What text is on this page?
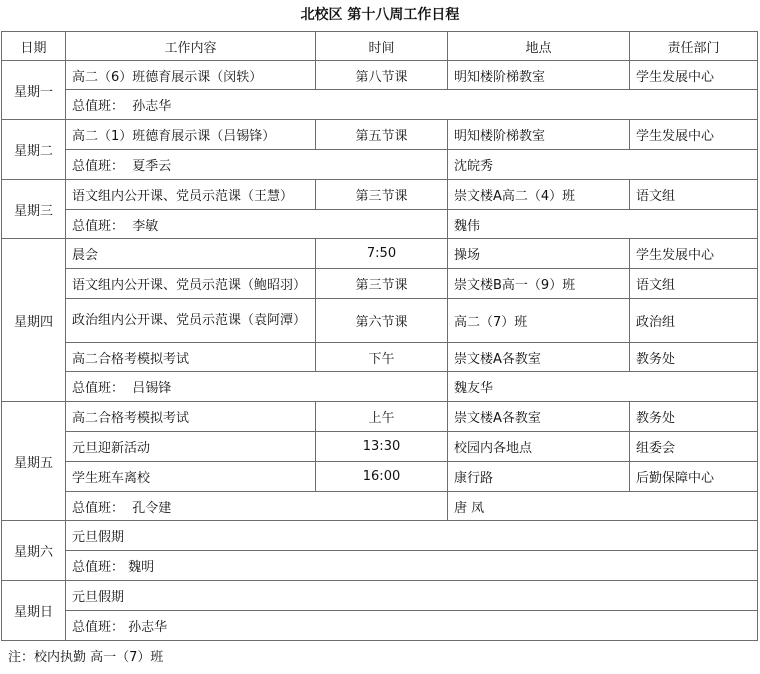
北校区 第十八周工作日程
日期	工作内容	时间	地点	责任部门
星期一	高二（6）班德育展示课（闵轶）	第八节课	明知楼阶梯教室	学生发展中心
	总值班： 孙志华			
星期二	高二（1）班德育展示课（吕锡锋）	第五节课	明知楼阶梯教室	学生发展中心
	总值班： 夏季云		沈皖秀	
星期三	语文组内公开课、党员示范课（王慧）	第三节课	崇文楼A高二（4）班	语文组
	总值班： 李敏		魏伟	
星期四	晨会	7:50	操场	学生发展中心
	语文组内公开课、党员示范课（鲍昭羽）	第三节课	崇文楼B高一（9）班	语文组
	政治组内公开课、党员示范课（袁阿潭）	第六节课	高二（7）班	政治组
	高二合格考模拟考试	下午	崇文楼A各教室	教务处
	总值班： 吕锡锋		魏友华	
星期五	高二合格考模拟考试	上午	崇文楼A各教室	教务处
	元旦迎新活动	13:30	校园内各地点	组委会
	学生班车离校	16:00	康行路	后勤保障中心
	总值班： 孔令建		唐 凤	
星期六	元旦假期			
	总值班： 魏明			
星期日	元旦假期			
	总值班： 孙志华			
注：校内执勤 高一（7）班
